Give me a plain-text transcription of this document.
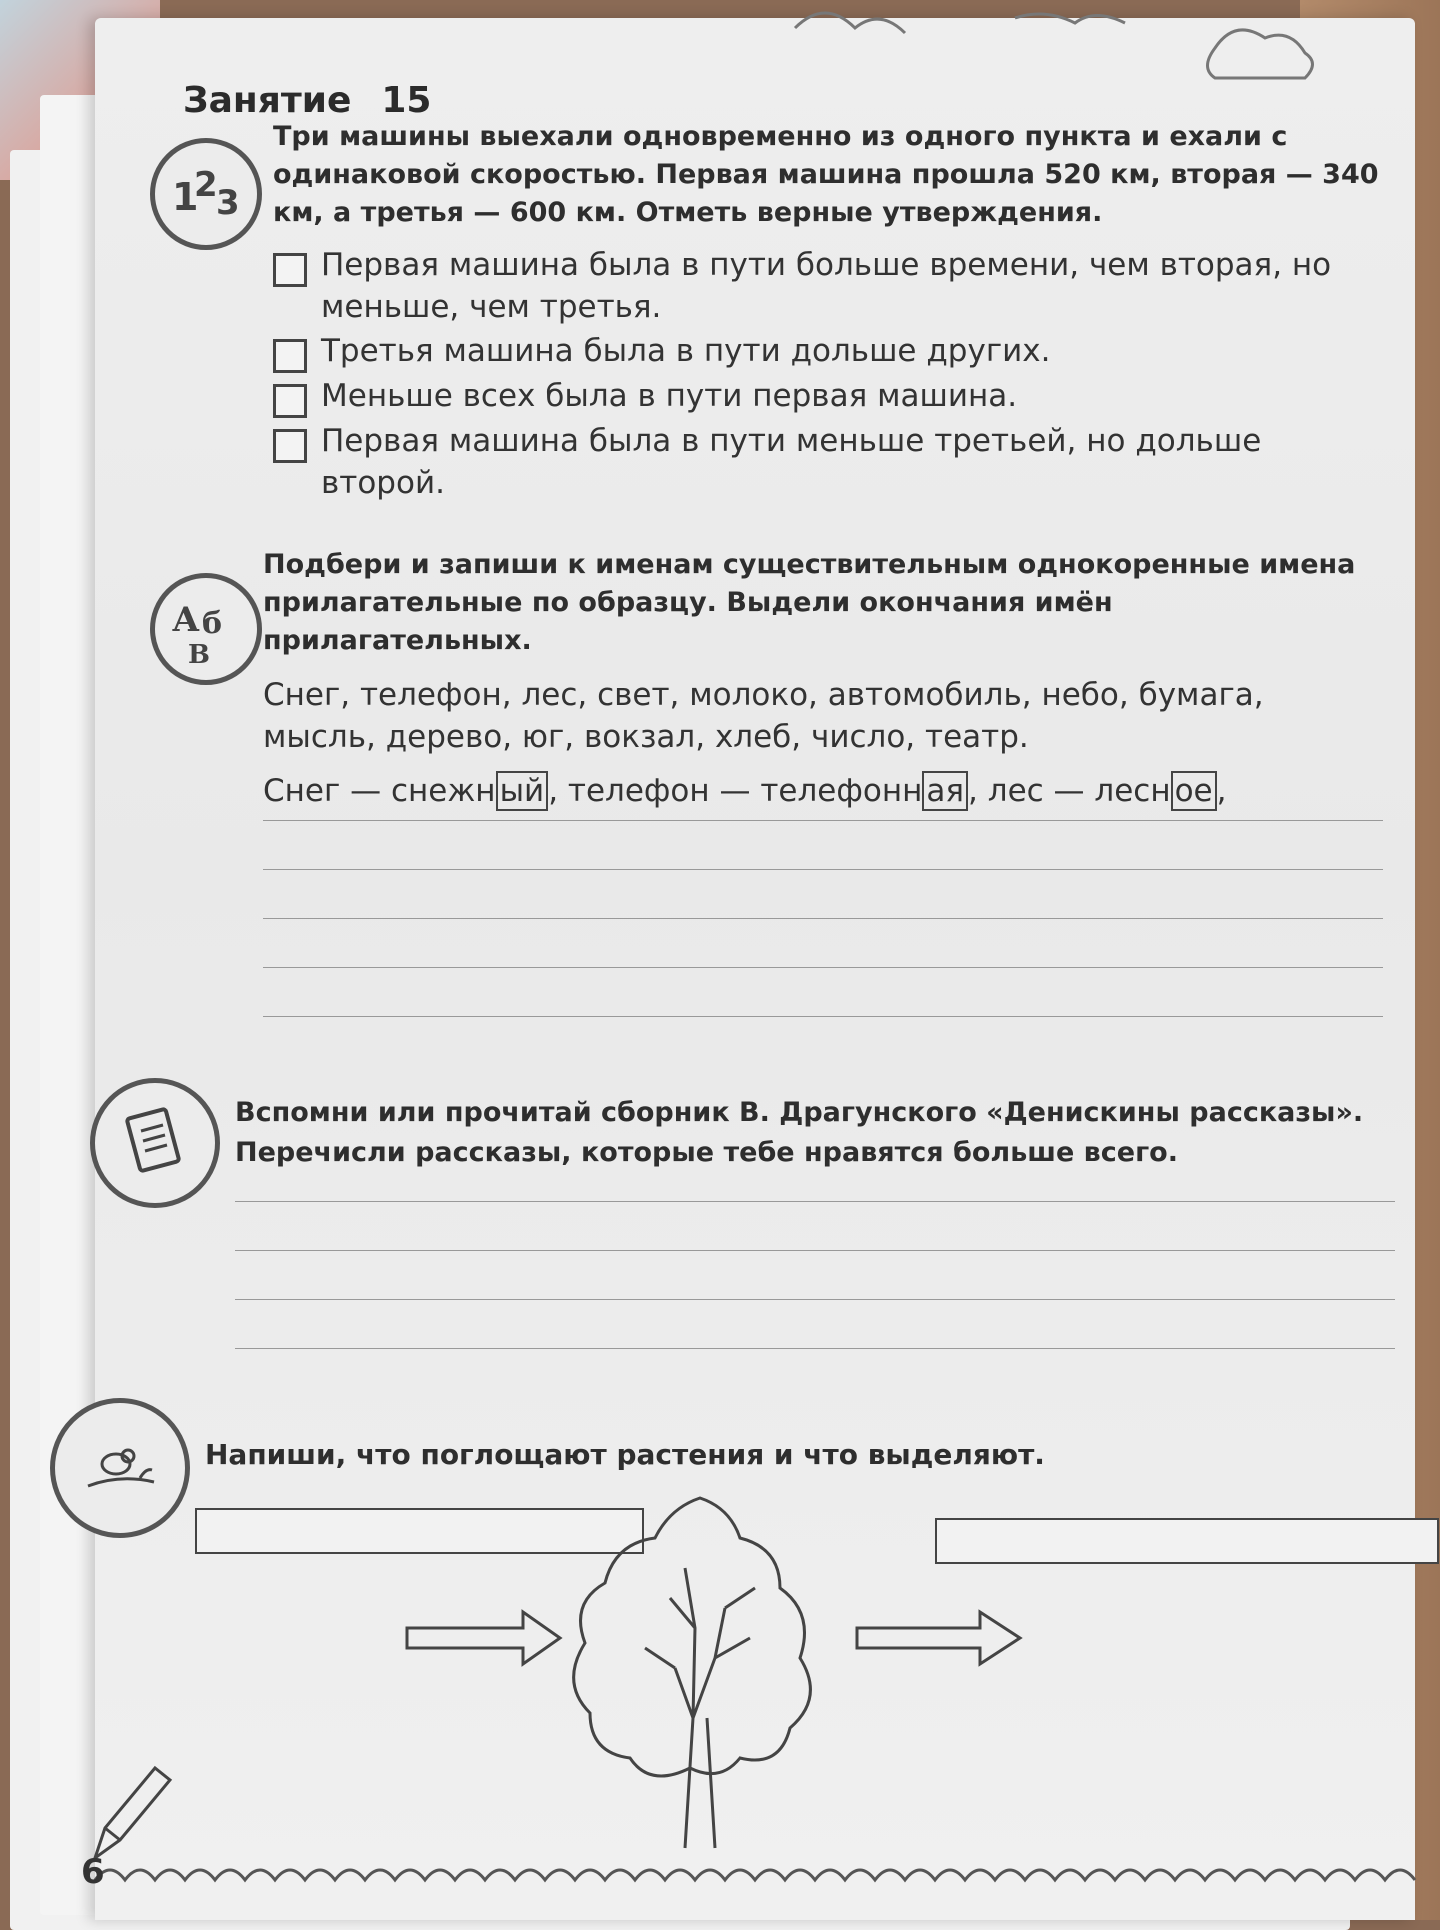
Занятие 15
1
2
3
Три машины выехали одновременно из одного пункта и ехали с одинаковой скоростью. Первая машина прошла 520 км, вторая — 340 км, а третья — 600 км. Отметь верные утверждения.
Первая машина была в пути больше времени, чем вторая, но меньше, чем третья.
Третья машина была в пути дольше других.
Меньше всех была в пути первая машина.
Первая машина была в пути меньше третьей, но дольше второй.
А б
В
Подбери и запиши к именам существительным однокоренные имена прилагательные по образцу. Выдели окончания имён прилагательных.
Снег, телефон, лес, свет, молоко, автомобиль, небо, бумага, мысль, дерево, юг, вокзал, хлеб, число, театр.
Снег — снежн ый , телефон — телефонн ая , лес — лесн ое ,
Вспомни или прочитай сборник В. Драгунского «Денискины рассказы». Перечисли рассказы, которые тебе нравятся больше всего.
Напиши, что поглощают растения и что выделяют.
6
